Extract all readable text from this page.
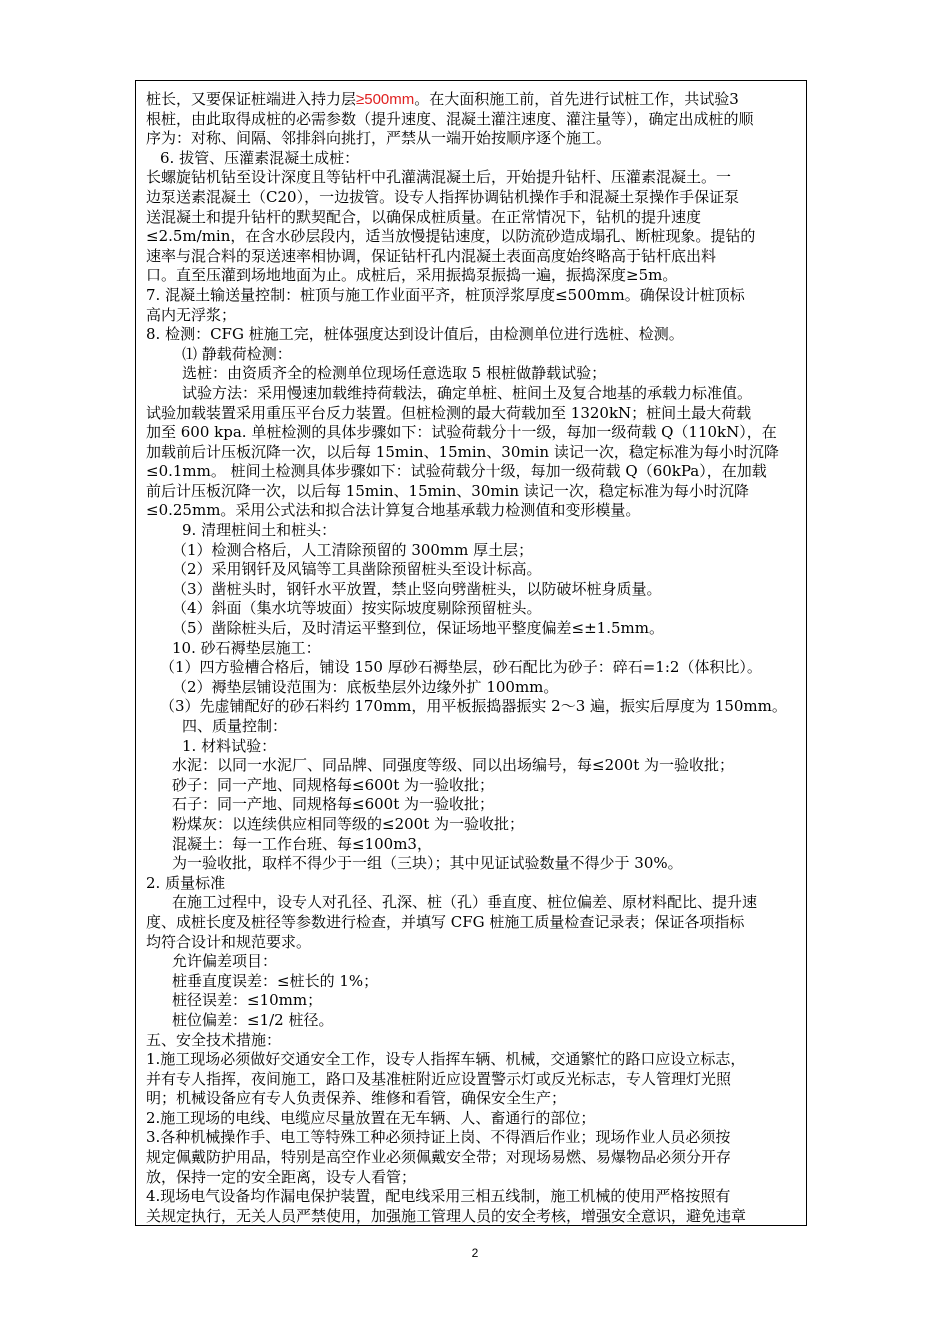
桩长，又要保证桩端进入持力层≥500mm。在大面积施工前，首先进行试桩工作，共试验3
根桩，由此取得成桩的必需参数（提升速度、混凝土灌注速度、灌注量等），确定出成桩的顺
序为：对称、间隔、邻排斜向挑打，严禁从一端开始按顺序逐个施工。
6. 拔管、压灌素混凝土成桩：
长螺旋钻机钻至设计深度且等钻杆中孔灌满混凝土后，开始提升钻杆、压灌素混凝土。一
边泵送素混凝土（C20），一边拔管。设专人指挥协调钻机操作手和混凝土泵操作手保证泵
送混凝土和提升钻杆的默契配合，以确保成桩质量。在正常情况下，钻机的提升速度
≤2.5m/min，在含水砂层段内，适当放慢提钻速度，以防流砂造成塌孔、断桩现象。提钻的
速率与混合料的泵送速率相协调，保证钻杆孔内混凝土表面高度始终略高于钻杆底出料
口。直至压灌到场地地面为止。成桩后，采用振捣泵振捣一遍，振捣深度≥5m。
7. 混凝土输送量控制：桩顶与施工作业面平齐，桩顶浮浆厚度≤500mm。确保设计桩顶标
高内无浮浆；
8. 检测：CFG 桩施工完，桩体强度达到设计值后，由检测单位进行选桩、检测。
⑴ 静载荷检测：
选桩：由资质齐全的检测单位现场任意选取 5 根桩做静载试验；
试验方法：采用慢速加载维持荷载法，确定单桩、桩间土及复合地基的承载力标准值。
试验加载装置采用重压平台反力装置。但桩检测的最大荷载加至 1320kN；桩间土最大荷载
加至 600 kpa. 单桩检测的具体步骤如下：试验荷载分十一级，每加一级荷载 Q（110kN），在
加载前后计压板沉降一次，以后每 15min、15min、30min 读记一次，稳定标准为每小时沉降
≤0.1mm。 桩间土检测具体步骤如下：试验荷载分十级，每加一级荷载 Q（60kPa），在加载
前后计压板沉降一次，以后每 15min、15min、30min 读记一次，稳定标准为每小时沉降
≤0.25mm。采用公式法和拟合法计算复合地基承载力检测值和变形模量。
9. 清理桩间土和桩头：
（1）检测合格后，人工清除预留的 300mm 厚土层；
（2）采用钢钎及风镐等工具凿除预留桩头至设计标高。
（3）凿桩头时，钢钎水平放置，禁止竖向劈凿桩头，以防破坏桩身质量。
（4）斜面（集水坑等坡面）按实际坡度剔除预留桩头。
（5）凿除桩头后，及时清运平整到位，保证场地平整度偏差≤±1.5mm。
10. 砂石褥垫层施工：
（1）四方验槽合格后，铺设 150 厚砂石褥垫层，砂石配比为砂子：碎石=1:2（体积比）。
（2）褥垫层铺设范围为：底板垫层外边缘外扩 100mm。
（3）先虚铺配好的砂石料约 170mm，用平板振捣器振实 2～3 遍，振实后厚度为 150mm。
四、质量控制：
1. 材料试验：
水泥：以同一水泥厂、同品牌、同强度等级、同以出场编号，每≤200t 为一验收批；
砂子：同一产地、同规格每≤600t 为一验收批；
石子：同一产地、同规格每≤600t 为一验收批；
粉煤灰：以连续供应相同等级的≤200t 为一验收批；
混凝土：每一工作台班、每≤100m3，
为一验收批，取样不得少于一组（三块）；其中见证试验数量不得少于 30%。
2. 质量标准
在施工过程中，设专人对孔径、孔深、桩（孔）垂直度、桩位偏差、原材料配比、提升速
度、成桩长度及桩径等参数进行检查，并填写 CFG 桩施工质量检查记录表；保证各项指标
均符合设计和规范要求。
允许偏差项目：
桩垂直度误差：≤桩长的 1%；
桩径误差：≤10mm；
桩位偏差：≤1/2 桩径。
五、安全技术措施：
1.施工现场必须做好交通安全工作，设专人指挥车辆、机械，交通繁忙的路口应设立标志，
并有专人指挥，夜间施工，路口及基准桩附近应设置警示灯或反光标志，专人管理灯光照
明；机械设备应有专人负责保养、维修和看管，确保安全生产；
2.施工现场的电线、电缆应尽量放置在无车辆、人、畜通行的部位；
3.各种机械操作手、电工等特殊工种必须持证上岗、不得酒后作业；现场作业人员必须按
规定佩戴防护用品，特别是高空作业必须佩戴安全带；对现场易燃、易爆物品必须分开存
放，保持一定的安全距离，设专人看管；
4.现场电气设备均作漏电保护装置，配电线采用三相五线制，施工机械的使用严格按照有
关规定执行，无关人员严禁使用，加强施工管理人员的安全考核，增强安全意识，避免违章
2
